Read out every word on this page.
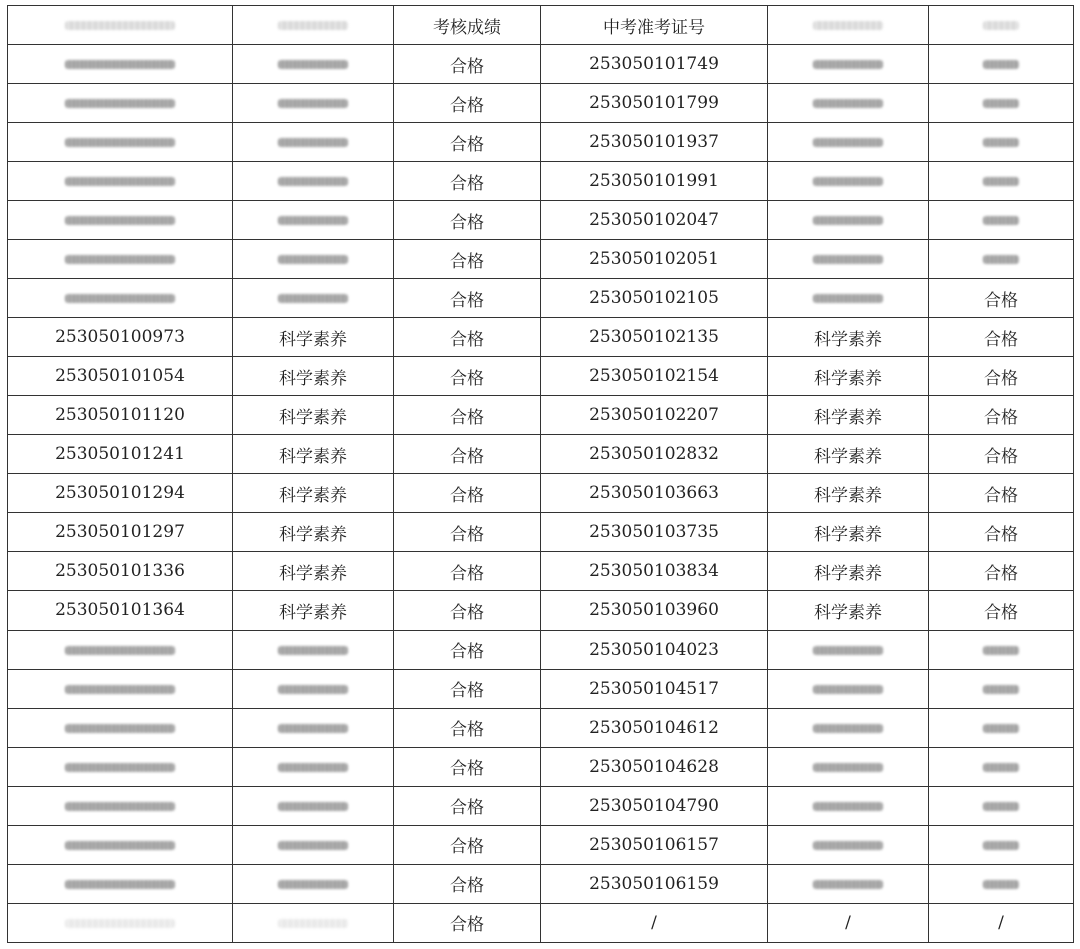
		考核成绩	中考准考证号		
		合格	253050101749		
		合格	253050101799		
		合格	253050101937		
		合格	253050101991		
		合格	253050102047		
		合格	253050102051		
		合格	253050102105		合格
253050100973	科学素养	合格	253050102135	科学素养	合格
253050101054	科学素养	合格	253050102154	科学素养	合格
253050101120	科学素养	合格	253050102207	科学素养	合格
253050101241	科学素养	合格	253050102832	科学素养	合格
253050101294	科学素养	合格	253050103663	科学素养	合格
253050101297	科学素养	合格	253050103735	科学素养	合格
253050101336	科学素养	合格	253050103834	科学素养	合格
253050101364	科学素养	合格	253050103960	科学素养	合格
		合格	253050104023		
		合格	253050104517		
		合格	253050104612		
		合格	253050104628		
		合格	253050104790		
		合格	253050106157		
		合格	253050106159		
		合格	/	/	/
